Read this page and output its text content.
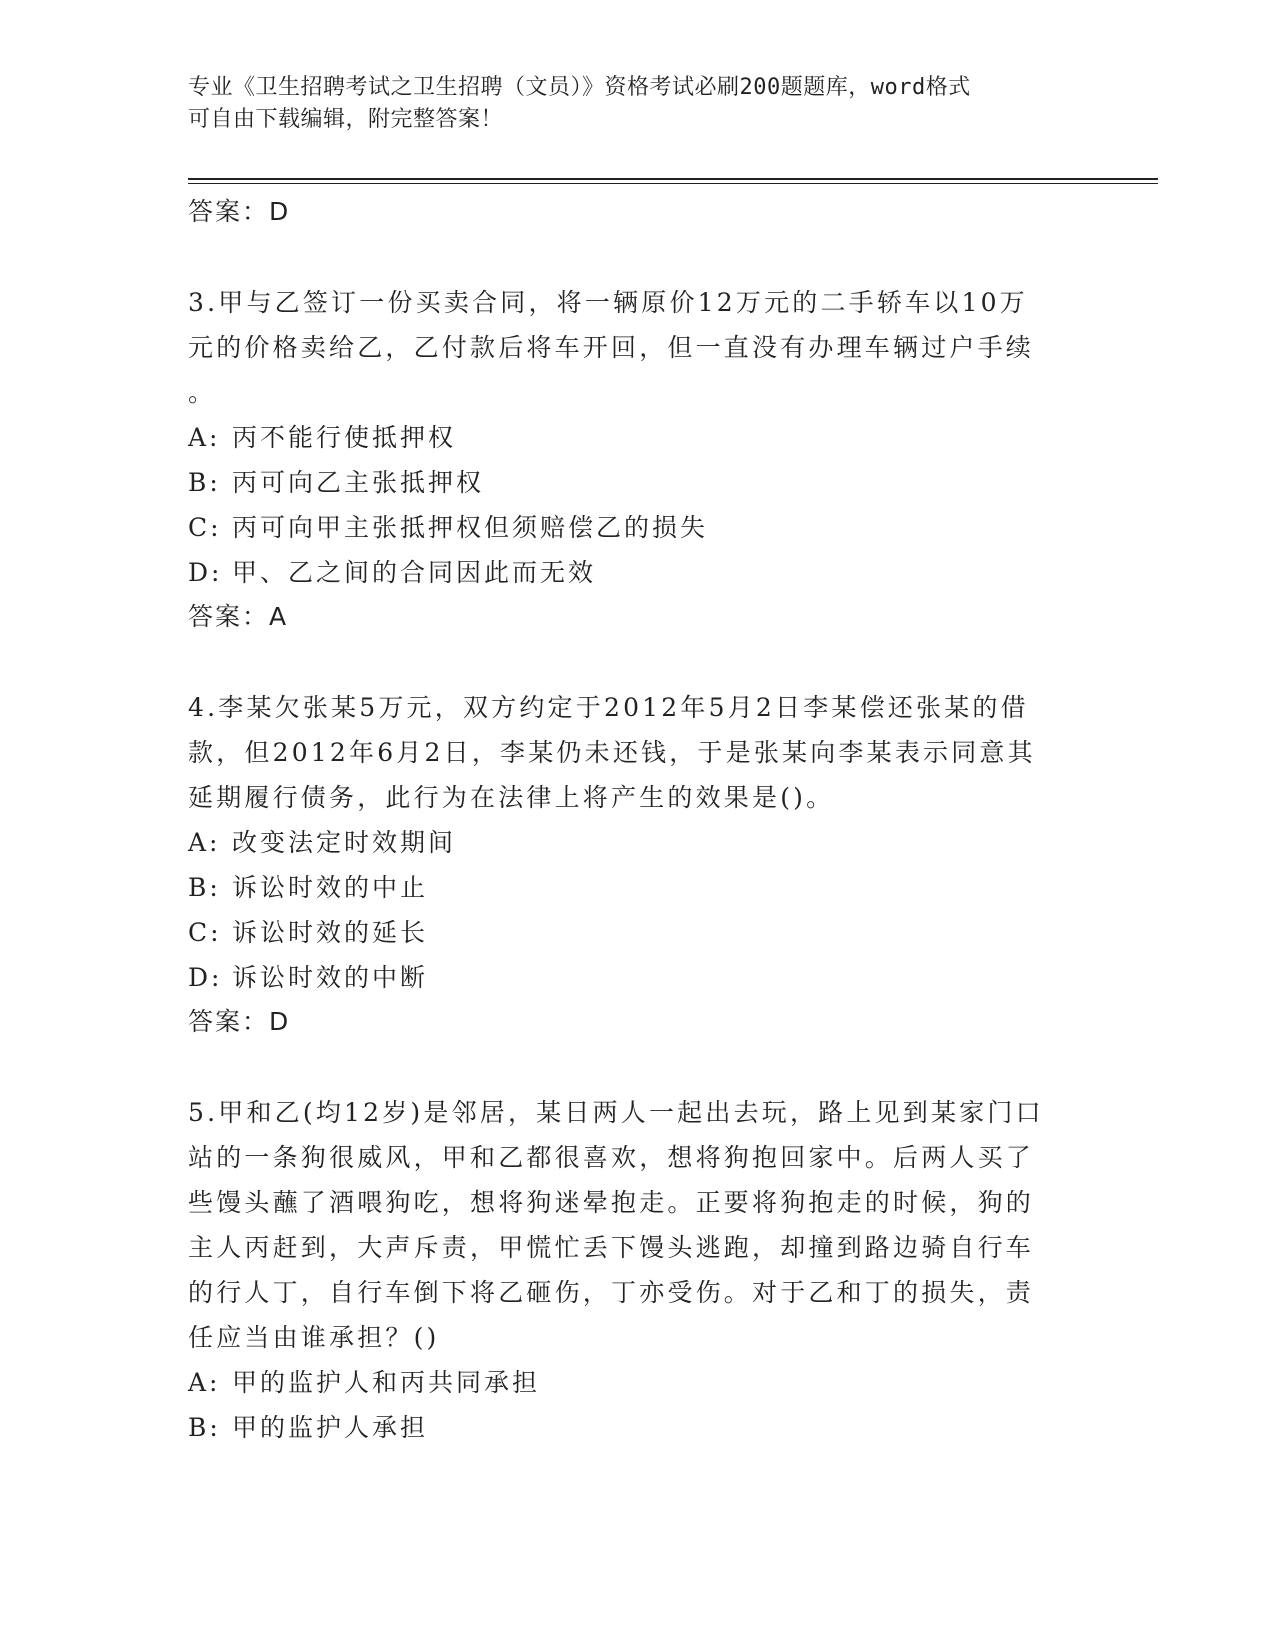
专业《卫生招聘考试之卫生招聘（文员）》资格考试必刷200题题库，word格式
可自由下载编辑，附完整答案！
答案：D
3.甲与乙签订一份买卖合同，将一辆原价12万元的二手轿车以10万
元的价格卖给乙，乙付款后将车开回，但一直没有办理车辆过户手续
。
A: 丙不能行使抵押权
B: 丙可向乙主张抵押权
C: 丙可向甲主张抵押权但须赔偿乙的损失
D: 甲、乙之间的合同因此而无效
答案：A
4.李某欠张某5万元，双方约定于2012年5月2日李某偿还张某的借
款，但2012年6月2日，李某仍未还钱，于是张某向李某表示同意其
延期履行债务，此行为在法律上将产生的效果是()。
A: 改变法定时效期间
B: 诉讼时效的中止
C: 诉讼时效的延长
D: 诉讼时效的中断
答案：D
5.甲和乙(均12岁)是邻居，某日两人一起出去玩，路上见到某家门口
站的一条狗很威风，甲和乙都很喜欢，想将狗抱回家中。后两人买了
些馒头蘸了酒喂狗吃，想将狗迷晕抱走。正要将狗抱走的时候，狗的
主人丙赶到，大声斥责，甲慌忙丢下馒头逃跑，却撞到路边骑自行车
的行人丁，自行车倒下将乙砸伤，丁亦受伤。对于乙和丁的损失，责
任应当由谁承担？()
A: 甲的监护人和丙共同承担
B: 甲的监护人承担
